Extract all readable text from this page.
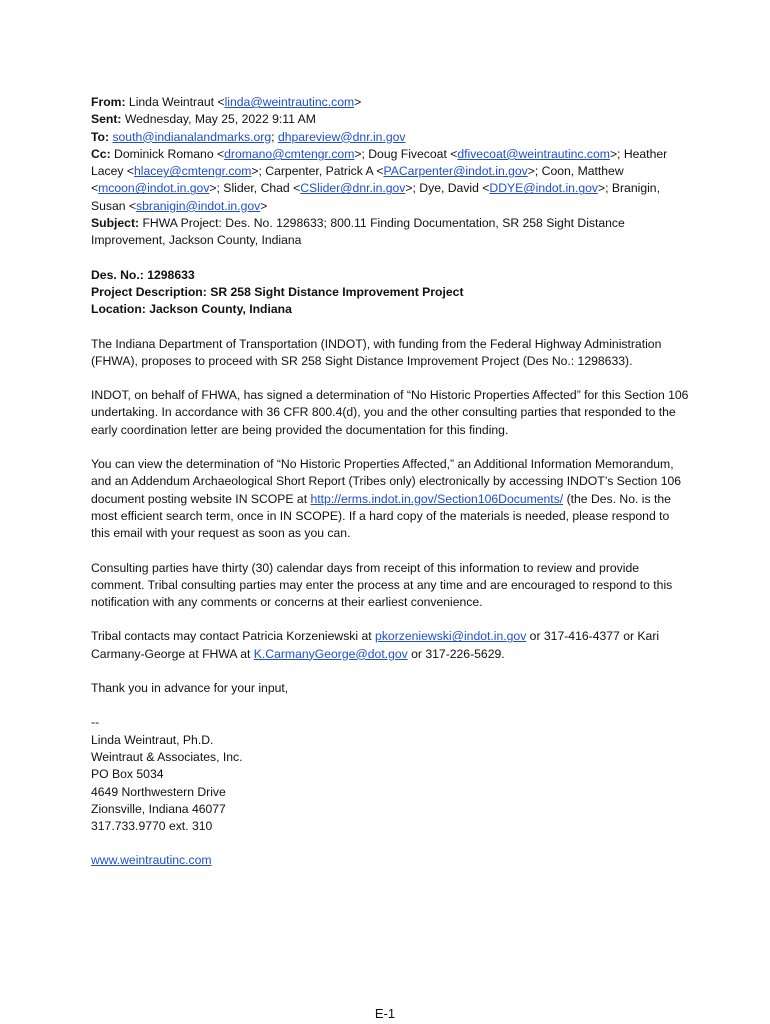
From: Linda Weintraut <linda@weintrautinc.com>

Sent: Wednesday, May 25, 2022 9:11 AM

To: south@indianalandmarks.org; dhpareview@dnr.in.gov

Cc: Dominick Romano <dromano@cmtengr.com>; Doug Fivecoat <dfivecoat@weintrautinc.com>; Heather Lacey <hlacey@cmtengr.com>; Carpenter, Patrick A <PACarpenter@indot.in.gov>; Coon, Matthew <mcoon@indot.in.gov>; Slider, Chad <CSlider@dnr.in.gov>; Dye, David <DDYE@indot.in.gov>; Branigin, Susan <sbranigin@indot.in.gov>

Subject: FHWA Project: Des. No. 1298633; 800.11 Finding Documentation, SR 258 Sight Distance Improvement, Jackson County, Indiana

Des. No.: 1298633

Project Description: SR 258 Sight Distance Improvement Project

Location: Jackson County, Indiana

The Indiana Department of Transportation (INDOT), with funding from the Federal Highway Administration (FHWA), proposes to proceed with SR 258 Sight Distance Improvement Project (Des No.: 1298633).

INDOT, on behalf of FHWA, has signed a determination of “No Historic Properties Affected” for this Section 106 undertaking. In accordance with 36 CFR 800.4(d), you and the other consulting parties that responded to the early coordination letter are being provided the documentation for this finding.

You can view the determination of “No Historic Properties Affected,” an Additional Information Memorandum, and an Addendum Archaeological Short Report (Tribes only) electronically by accessing INDOT’s Section 106 document posting website IN SCOPE at http://erms.indot.in.gov/Section106Documents/ (the Des. No. is the most efficient search term, once in IN SCOPE). If a hard copy of the materials is needed, please respond to this email with your request as soon as you can.

Consulting parties have thirty (30) calendar days from receipt of this information to review and provide comment. Tribal consulting parties may enter the process at any time and are encouraged to respond to this notification with any comments or concerns at their earliest convenience.

Tribal contacts may contact Patricia Korzeniewski at pkorzeniewski@indot.in.gov or 317-416-4377 or Kari Carmany-George at FHWA at K.CarmanyGeorge@dot.gov or 317-226-5629.

Thank you in advance for your input,

--

Linda Weintraut, Ph.D.

Weintraut & Associates, Inc.

PO Box 5034

4649 Northwestern Drive

Zionsville, Indiana 46077

317.733.9770 ext. 310

www.weintrautinc.com

E-1
